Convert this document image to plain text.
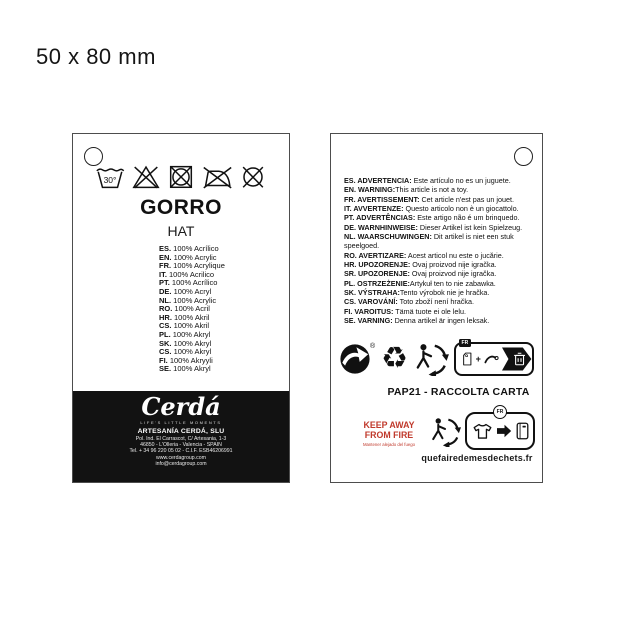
50 x 80 mm
30°
GORRO
HAT
ES. 100% Acrílico
EN. 100% Acrylic
FR. 100% Acrylique
IT. 100% Acrilico
PT. 100% Acrílico
DE. 100% Acryl
NL. 100% Acrylic
RO. 100% Acril
HR. 100% Akril
CS. 100% Akril
PL. 100% Akryl
SK. 100% Akryl
CS. 100% Akryl
FI. 100% Akryyli
SE. 100% Akryl
Cerdá
LIFE'S LITTLE MOMENTS
ARTESANÍA CERDÁ, SLU
Pol. Ind. El Carrascot, C/ Artesania, 1-3
46850 - L'Olleria - Valencia - SPAIN
Tel. + 34 96 220 05 02 - C.I.F. ESB46206991
www.cerdagroup.com
info@cerdagroup.com
ES. ADVERTENCIA: Este artículo no es un juguete.
EN. WARNING:This article is not a toy.
FR. AVERTISSEMENT: Cet article n'est pas un jouet.
IT. AVVERTENZE: Questo articolo non è un giocattolo.
PT. ADVERTÊNCIAS: Este artigo não é um brinquedo.
DE. WARNHINWEISE: Dieser Artikel ist kein Spielzeug.
NL. WAARSCHUWINGEN: Dit artikel is niet een stuk speelgoed.
RO. AVERTIZARE: Acest articol nu este o jucărie.
HR. UPOZORENJE: Ovaj proizvod nije igračka.
SR. UPOZORENJE: Ovaj proizvod nije igračka.
PL. OSTRZEŻENIE:Artykuł ten to nie zabawka.
SK. VÝSTRAHA:Tento výrobok nie je hračka.
CS. VAROVÁNÍ: Toto zboží není hračka.
FI. VAROITUS: Tämä tuote ei ole lelu.
SE. VARNING: Denna artikel är ingen leksak.
® ♻	FR
+
PAP21 - RACCOLTA CARTA
KEEP AWAY
FROM FIRE
Mantener alejado del fuego
FR
quefairedemesdechets.fr
